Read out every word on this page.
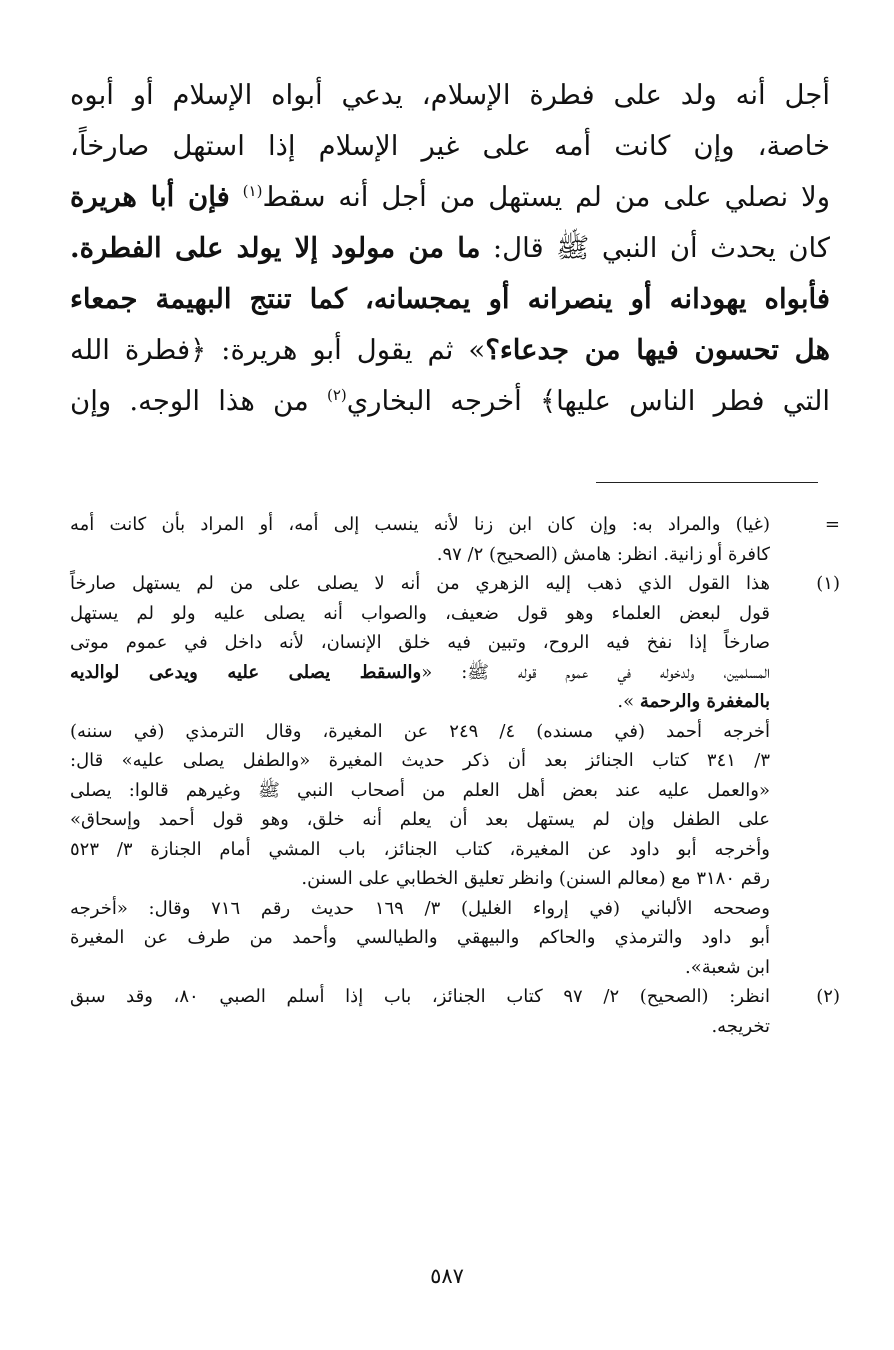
أجل أنه ولد على فطرة الإسلام، يدعي أبواه الإسلام أو أبوه
خاصة، وإن كانت أمه على غير الإسلام إذا استهل صارخاً،
ولا نصلي على من لم يستهل من أجل أنه سقط$^{(١)}$ فإن أبا هريرة
كان يحدث أن النبي ﷺ قال: ما من مولود إلا يولد على الفطرة.
فأبواه يهودانه أو ينصرانه أو يمجسانه، كما تنتج البهيمة جمعاء
هل تحسون فيها من جدعاء؟» ثم يقول أبو هريرة: ﴿فطرة الله
التي فطر الناس عليها﴾ أخرجه البخاري$^{(٢)}$ من هذا الوجه. وإن
=
(غيا) والمراد به: وإن كان ابن زنا لأنه ينسب إلى أمه، أو المراد بأن كانت أمه
كافرة أو زانية. انظر: هامش (الصحيح) ٢/ ٩٧.
(١)
هذا القول الذي ذهب إليه الزهري من أنه لا يصلى على من لم يستهل صارخاً
قول لبعض العلماء وهو قول ضعيف، والصواب أنه يصلى عليه ولو لم يستهل
صارخاً إذا نفخ فيه الروح، وتبين فيه خلق الإنسان، لأنه داخل في عموم موتى
المسلمين، ولدخوله في عموم قوله ﷺ: «والسقط يصلى عليه ويدعى لوالديه
بالمغفرة والرحمة ».
أخرجه أحمد (في مسنده) ٤/ ٢٤٩ عن المغيرة، وقال الترمذي (في سننه)
٣/ ٣٤١ كتاب الجنائز بعد أن ذكر حديث المغيرة «والطفل يصلى عليه» قال:
«والعمل عليه عند بعض أهل العلم من أصحاب النبي ﷺ وغيرهم قالوا: يصلى
على الطفل وإن لم يستهل بعد أن يعلم أنه خلق، وهو قول أحمد وإسحاق»
وأخرجه أبو داود عن المغيرة، كتاب الجنائز، باب المشي أمام الجنازة ٣/ ٥٢٣
رقم ٣١٨٠ مع (معالم السنن) وانظر تعليق الخطابي على السنن.
وصححه الألباني (في إرواء الغليل) ٣/ ١٦٩ حديث رقم ٧١٦ وقال: «أخرجه
أبو داود والترمذي والحاكم والبيهقي والطيالسي وأحمد من طرف عن المغيرة
ابن شعبة».
(٢)
انظر: (الصحيح) ٢/ ٩٧ كتاب الجنائز، باب إذا أسلم الصبي ٨٠، وقد سبق
تخريجه.
٥٨٧
